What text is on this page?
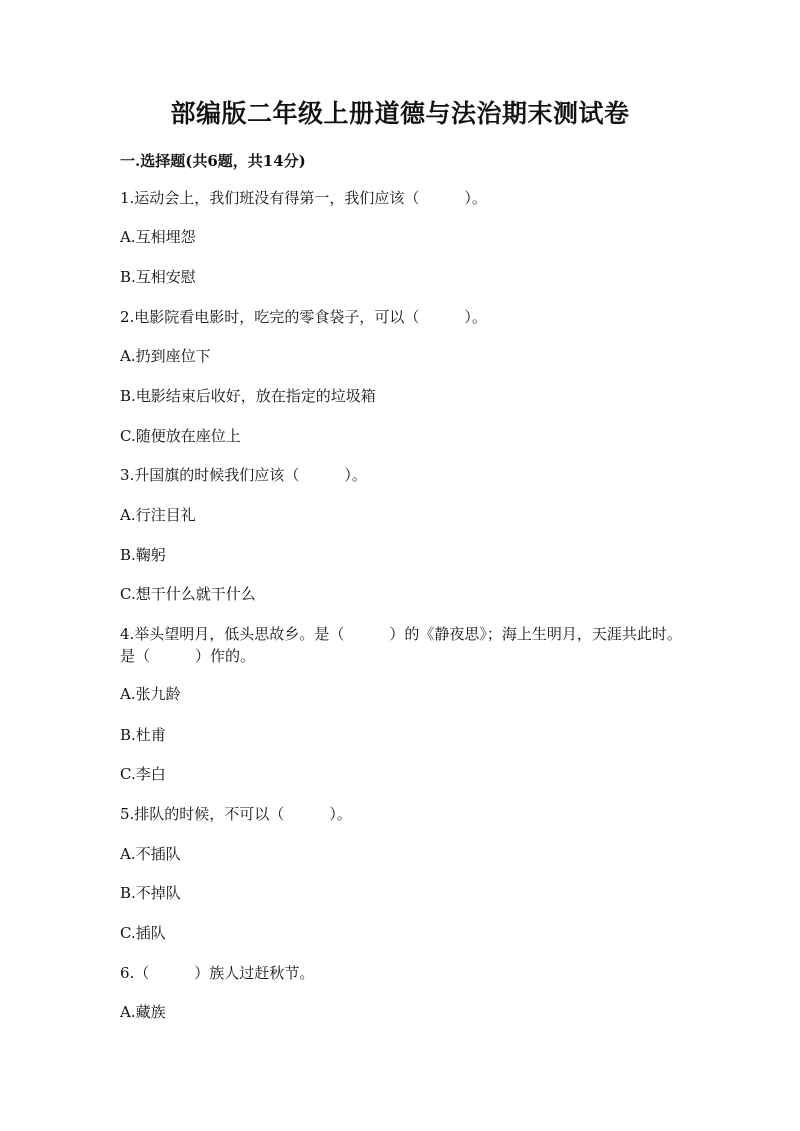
部编版二年级上册道德与法治期末测试卷
一.选择题(共6题，共14分)
1.运动会上，我们班没有得第一，我们应该（　　　）。
A.互相埋怨
B.互相安慰
2.电影院看电影时，吃完的零食袋子，可以（　　　）。
A.扔到座位下
B.电影结束后收好，放在指定的垃圾箱
C.随便放在座位上
3.升国旗的时候我们应该（　　　）。
A.行注目礼
B.鞠躬
C.想干什么就干什么
4.举头望明月，低头思故乡。是（　　　）的《静夜思》；海上生明月，天涯共此时。是（　　　）作的。
A.张九龄
B.杜甫
C.李白
5.排队的时候，不可以（　　　）。
A.不插队
B.不掉队
C.插队
6.（　　　）族人过赶秋节。
A.藏族
